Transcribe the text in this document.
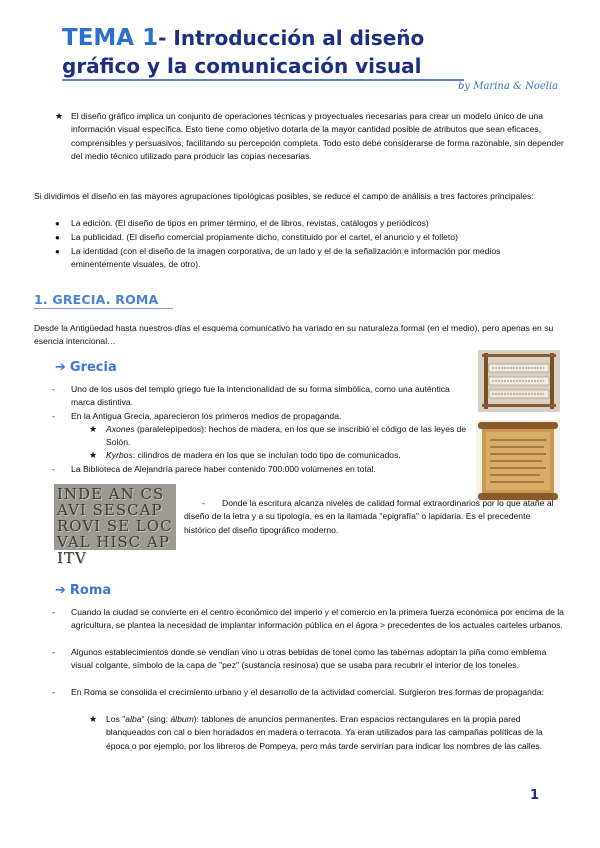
TEMA 1- Introducción al diseño
gráfico y la comunicación visual
by Marina & Noelia
★ El diseño gráfico implica un conjunto de operaciones técnicas y proyectuales necesarias para crear un modelo único de una información visual específica. Esto tiene como objetivo dotarla de la mayor cantidad posible de atributos que sean eficaces, comprensibles y persuasivos, facilitando su percepción completa. Todo esto debe considerarse de forma razonable, sin depender del medio técnico utilizado para producir las copias necesarias.
Si dividimos el diseño en las mayores agrupaciones tipológicas posibles, se reduce el campo de análisis a tres factores principales:
● La edición. (El diseño de tipos en primer término, el de libros, revistas, catálogos y periódicos)
● La publicidad. (El diseño comercial propiamente dicho, constituido por el cartel, el anuncio y el folleto)
● La identidad (con el diseño de la imagen corporativa, de un lado y el de la señalización e información por medios eminentemente visuales, de otro).
1. GRECIA. ROMA
Desde la Antigüedad hasta nuestros días el esquema comunicativo ha variado en su naturaleza formal (en el medio), pero apenas en su esencia intencional…
➔ Grecia
- Uno de los usos del templo griego fue la intencionalidad de su forma simbólica, como una auténtica marca distintiva.
- En la Antigua Grecia, aparecieron los primeros medios de propaganda.
★ Axones (paralelepípedos): hechos de madera, en los que se inscribió el código de las leyes de Solón.
★ Kyrbos: cilindros de madera en los que se incluían todo tipo de comunicados.
- La Biblioteca de Alejandría parece haber contenido 700.000 volúmenes en total.
INDE AN CSAVI SESCAPROVI SE LOCVAL HISC APITV
-	Donde la escritura alcanza niveles de calidad formal extraordinarios por lo que atañe al diseño de la letra y a su tipología, es en la llamada "epigrafía" o lapidaria. Es el precedente histórico del diseño tipográfico moderno.
➔ Roma
- Cuando la ciudad se convierte en el centro económico del imperio y el comercio en la primera fuerza económica por encima de la agricultura, se plantea la necesidad de implantar información pública en el ágora > precedentes de los actuales carteles urbanos.
- Algunos establecimientos donde se vendían vino u otras bebidas de tonel como las tabernas adoptan la piña como emblema visual colgante, símbolo de la capa de "pez" (sustancia resinosa) que se usaba para recubrir el interior de los toneles.
- En Roma se consolida el crecimiento urbano y el desarrollo de la actividad comercial. Surgieron tres formas de propaganda:
★ Los "alba" (sing: álbum): tablones de anuncios permanentes. Eran espacios rectangulares en la propia pared blanqueados con cal o bien horadados en madera o terracota. Ya eran utilizados para las campañas políticas de la época o por ejemplo, por los libreros de Pompeya, pero más tarde servirían para indicar los nombres de las calles.
1
